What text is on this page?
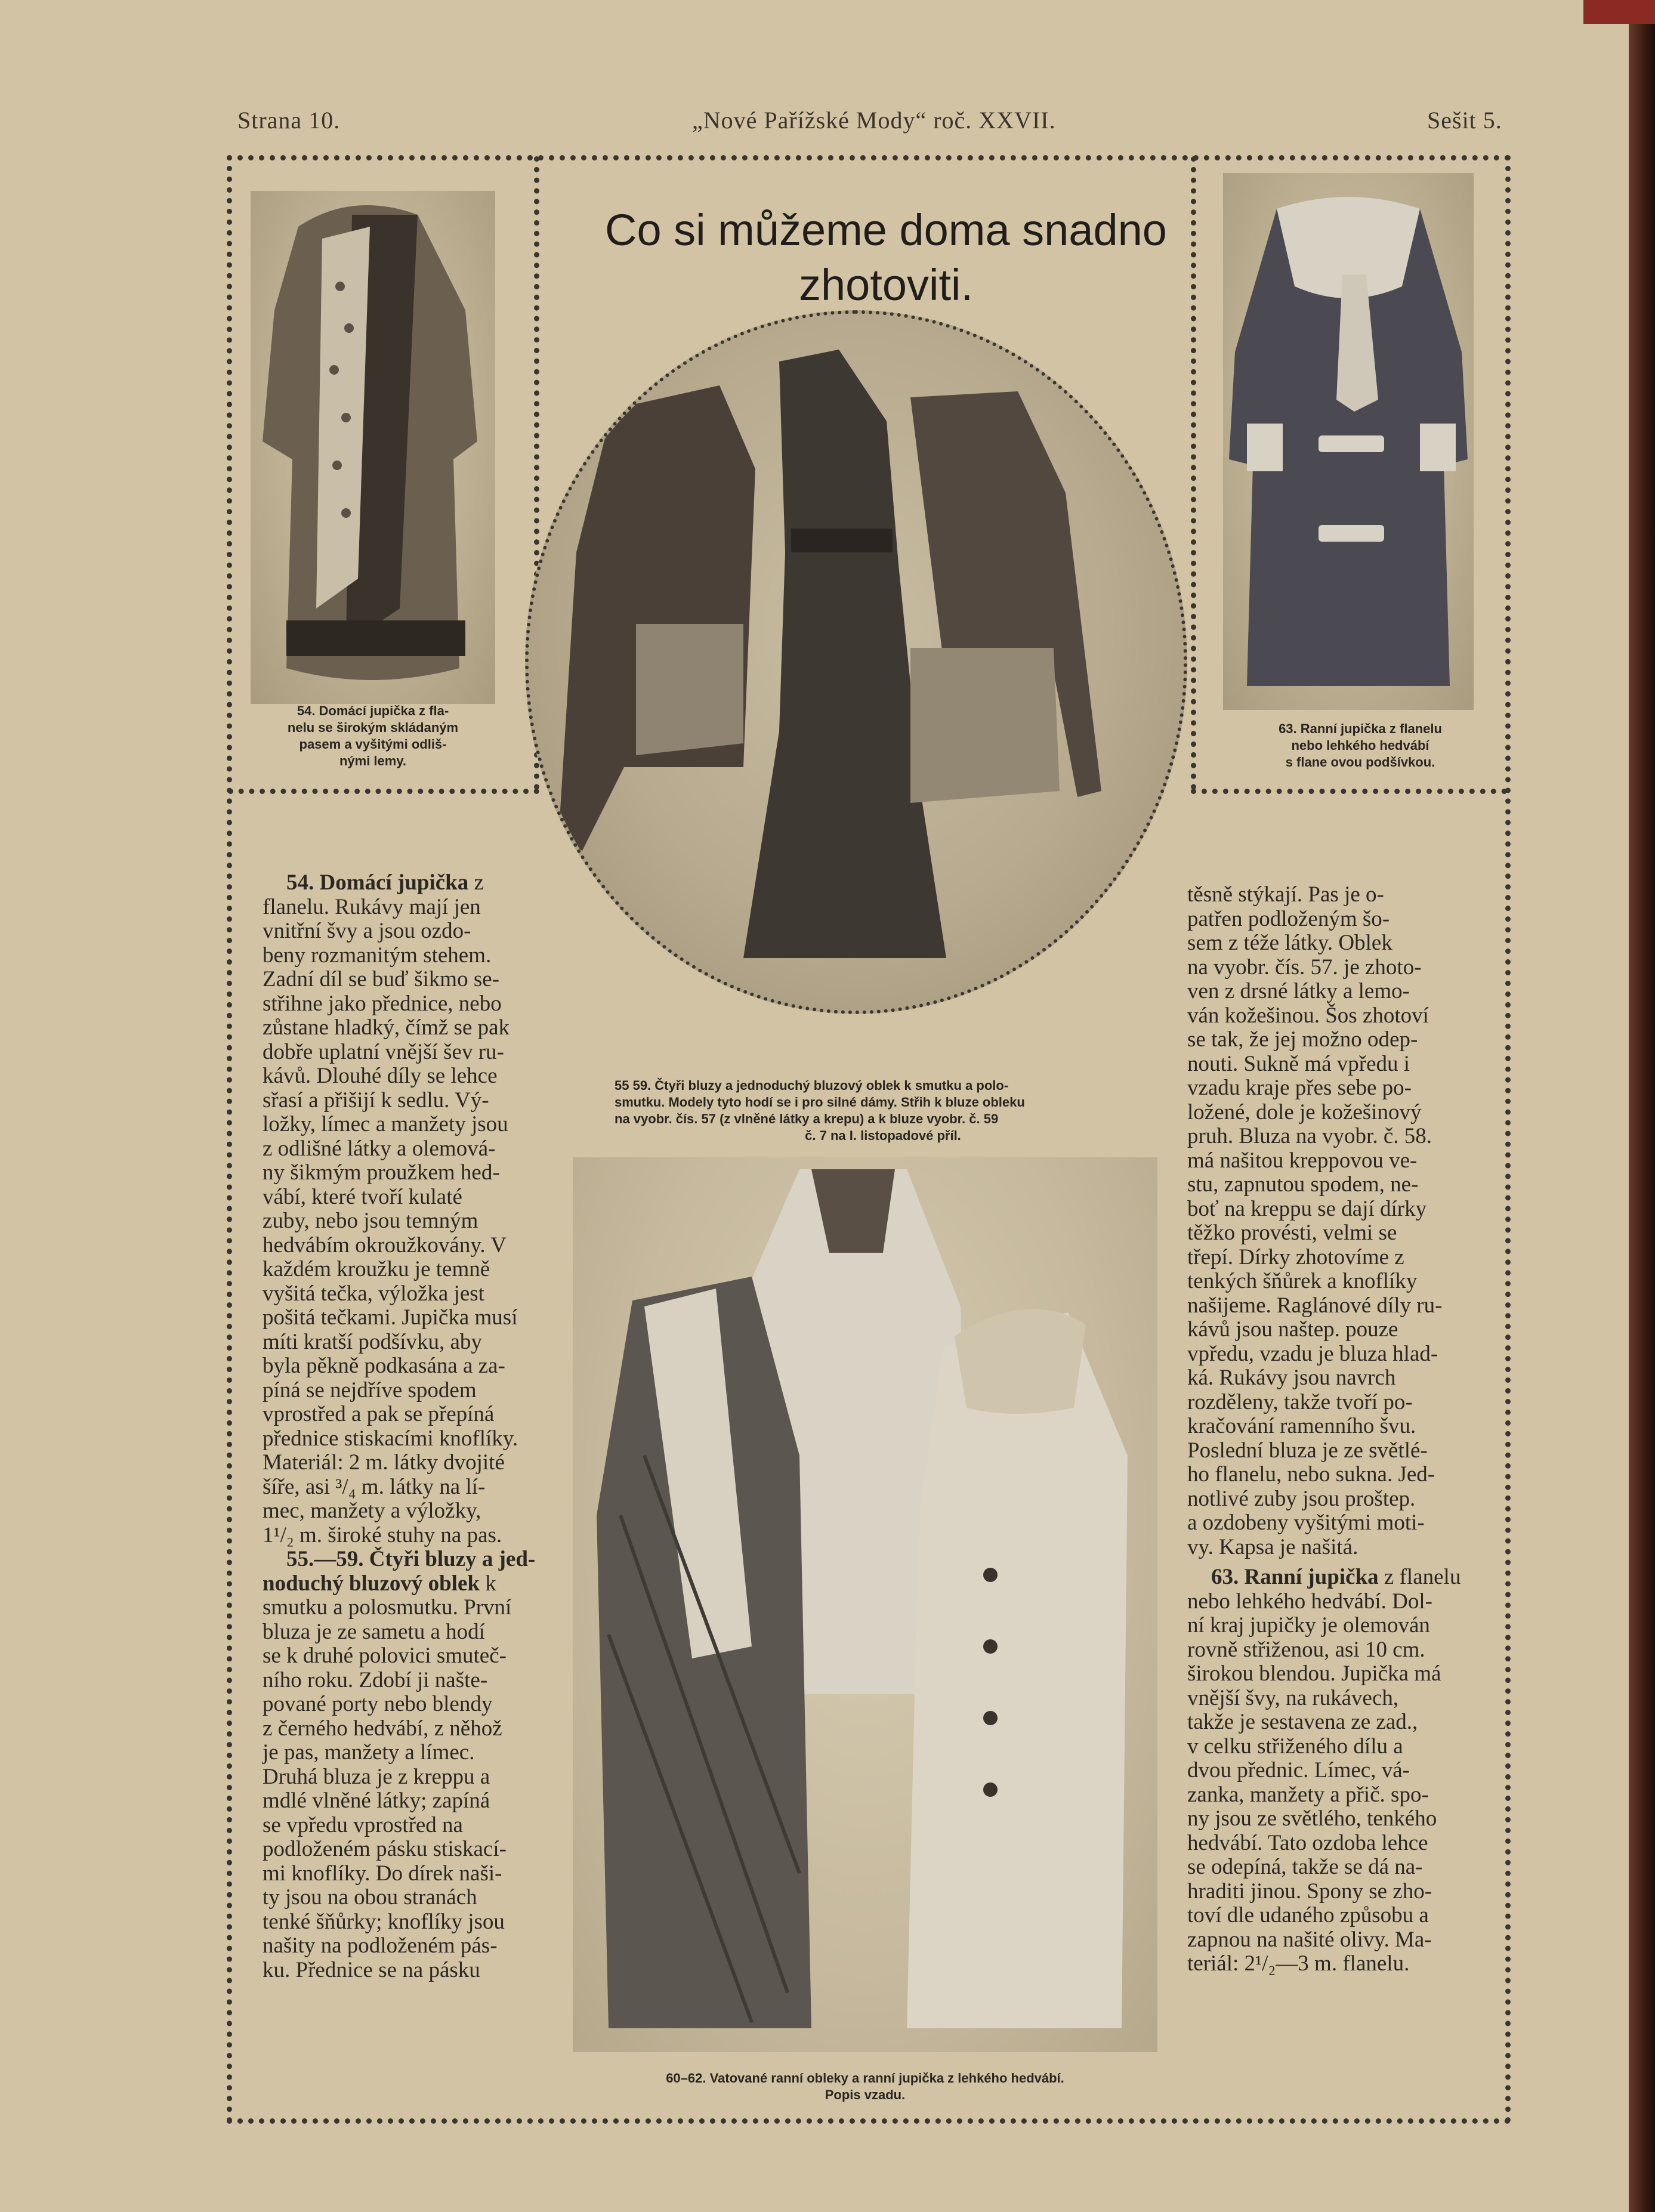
Strana 10.	„Nové Pařížské Mody“ roč. XXVII.	Sešit 5.
Co si můžeme doma snadno
zhotoviti.
54. Domácí jupička z fla-
nelu se širokým skládaným
pasem a vyšitými odliš-
nými lemy.
63. Ranní jupička z flanelu
nebo lehkého hedvábí
s flane ovou podšívkou.
55 59. Čtyři bluzy a jednoduchý bluzový oblek k smutku a polo-
smutku. Modely tyto hodí se i pro silné dámy. Střih k bluze obleku
na vyobr. čís. 57 (z vlněné látky a krepu) a k bluze vyobr. č. 59
č. 7 na I. listopadové příl.
60–62. Vatované ranní obleky a ranní jupička z lehkého hedvábí.
Popis vzadu.
54. Domácí jupička z
flanelu. Rukávy mají jen
vnitřní švy a jsou ozdo-
beny rozmanitým stehem.
Zadní díl se buď šikmo se-
střihne jako přednice, nebo
zůstane hladký, čímž se pak
dobře uplatní vnější šev ru-
kávů. Dlouhé díly se lehce
sřasí a přišijí k sedlu. Vý-
ložky, límec a manžety jsou
z odlišné látky a olemová-
ny šikmým proužkem hed-
vábí, které tvoří kulaté
zuby, nebo jsou temným
hedvábím okroužkovány. V
každém kroužku je temně
vyšitá tečka, výložka jest
pošitá tečkami. Jupička musí
míti kratší podšívku, aby
byla pěkně podkasána a za-
píná se nejdříve spodem
vprostřed a pak se přepíná
přednice stiskacími knoflíky.
Materiál: 2 m. látky dvojité
šíře, asi ³/₄ m. látky na lí-
mec, manžety a výložky,
1¹/₂ m. široké stuhy na pas.
55.—59. Čtyři bluzy a jed-
noduchý bluzový oblek k
smutku a polosmutku. První
bluza je ze sametu a hodí
se k druhé polovici smuteč-
ního roku. Zdobí ji našte-
pované porty nebo blendy
z černého hedvábí, z něhož
je pas, manžety a límec.
Druhá bluza je z kreppu a
mdlé vlněné látky; zapíná
se vpředu vprostřed na
podloženém pásku stiskací-
mi knoflíky. Do dírek naši-
ty jsou na obou stranách
tenké šňůrky; knoflíky jsou
našity na podloženém pás-
ku. Přednice se na pásku
těsně stýkají. Pas je o-
patřen podloženým šo-
sem z téže látky. Oblek
na vyobr. čís. 57. je zhoto-
ven z drsné látky a lemo-
ván kožešinou. Šos zhotoví
se tak, že jej možno odep-
nouti. Sukně má vpředu i
vzadu kraje přes sebe po-
ložené, dole je kožešinový
pruh. Bluza na vyobr. č. 58.
má našitou kreppovou ve-
stu, zapnutou spodem, ne-
boť na kreppu se dají dírky
těžko provésti, velmi se
třepí. Dírky zhotovíme z
tenkých šňůrek a knoflíky
našijeme. Raglánové díly ru-
kávů jsou naštep. pouze
vpředu, vzadu je bluza hlad-
ká. Rukávy jsou navrch
rozděleny, takže tvoří po-
kračování ramenního švu.
Poslední bluza je ze světlé-
ho flanelu, nebo sukna. Jed-
notlivé zuby jsou proštep.
a ozdobeny vyšitými moti-
vy. Kapsa je našitá.
63. Ranní jupička z flanelu
nebo lehkého hedvábí. Dol-
ní kraj jupičky je olemován
rovně střiženou, asi 10 cm.
širokou blendou. Jupička má
vnější švy, na rukávech,
takže je sestavena ze zad.,
v celku střiženého dílu a
dvou přednic. Límec, vá-
zanka, manžety a přič. spo-
ny jsou ze světlého, tenkého
hedvábí. Tato ozdoba lehce
se odepíná, takže se dá na-
hraditi jinou. Spony se zho-
toví dle udaného způsobu a
zapnou na našité olivy. Ma-
teriál: 2¹/₂—3 m. flanelu.
